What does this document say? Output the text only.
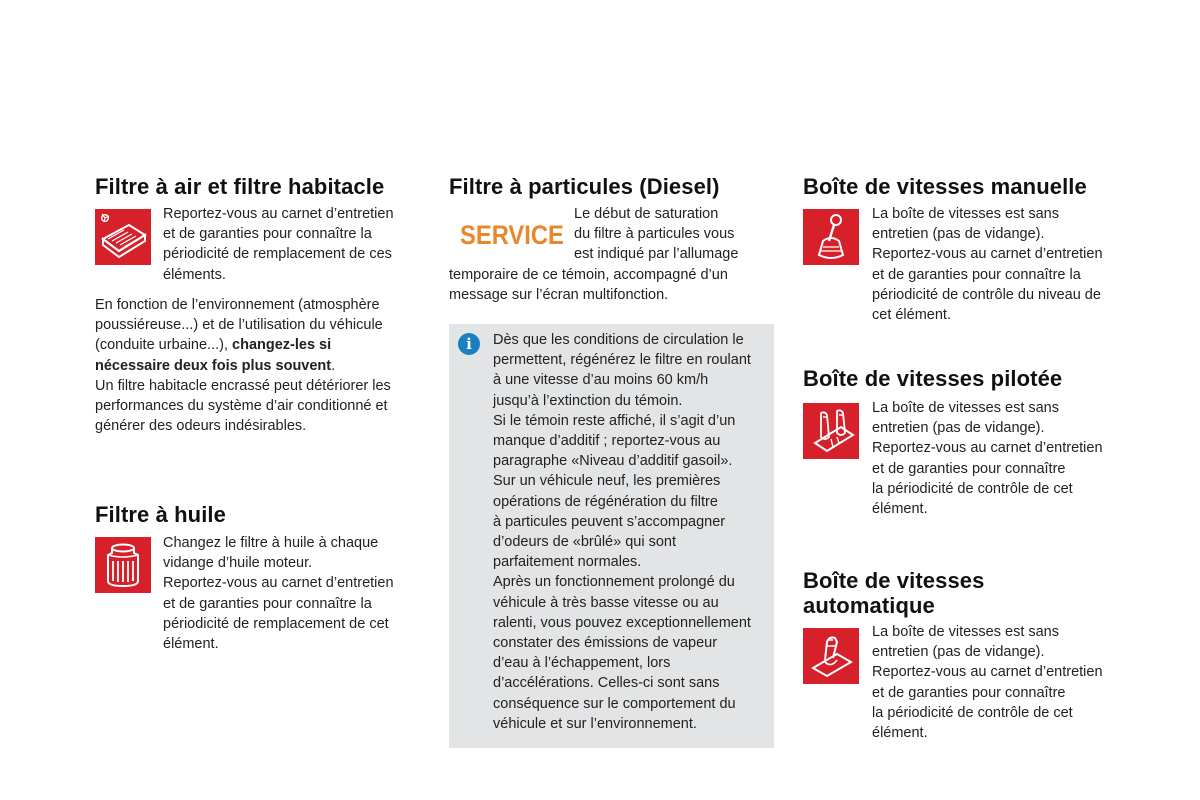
Filtre à air et filtre habitacle
Reportez-vous au carnet d’entretien
et de garanties pour connaître la
périodicité de remplacement de ces
éléments.
En fonction de l’environnement (atmosphère
poussiéreuse...) et de l’utilisation du véhicule
(conduite urbaine...), changez-les si
nécessaire deux fois plus souvent.
Un filtre habitacle encrassé peut détériorer les
performances du système d’air conditionné et
générer des odeurs indésirables.
Filtre à huile
Changez le filtre à huile à chaque
vidange d’huile moteur.
Reportez-vous au carnet d’entretien
et de garanties pour connaître la
périodicité de remplacement de cet
élément.
Filtre à particules (Diesel)
SERVICE
Le début de saturation
du filtre à particules vous
est indiqué par l’allumage
temporaire de ce témoin, accompagné d’un
message sur l’écran multifonction.
i	Dès que les conditions de circulation le
permettent, régénérez le filtre en roulant
à une vitesse d’au moins 60 km/h
jusqu’à l’extinction du témoin.
Si le témoin reste affiché, il s’agit d’un
manque d’additif ; reportez-vous au
paragraphe «Niveau d’additif gasoil».
Sur un véhicule neuf, les premières
opérations de régénération du filtre
à particules peuvent s’accompagner
d’odeurs de «brûlé» qui sont
parfaitement normales.
Après un fonctionnement prolongé du
véhicule à très basse vitesse ou au
ralenti, vous pouvez exceptionnellement
constater des émissions de vapeur
d’eau à l’échappement, lors
d’accélérations. Celles-ci sont sans
conséquence sur le comportement du
véhicule et sur l’environnement.
Boîte de vitesses manuelle
La boîte de vitesses est sans
entretien (pas de vidange).
Reportez-vous au carnet d’entretien
et de garanties pour connaître la
périodicité de contrôle du niveau de
cet élément.
Boîte de vitesses pilotée
La boîte de vitesses est sans
entretien (pas de vidange).
Reportez-vous au carnet d’entretien
et de garanties pour connaître
la périodicité de contrôle de cet
élément.
Boîte de vitesses
automatique
La boîte de vitesses est sans
entretien (pas de vidange).
Reportez-vous au carnet d’entretien
et de garanties pour connaître
la périodicité de contrôle de cet
élément.
